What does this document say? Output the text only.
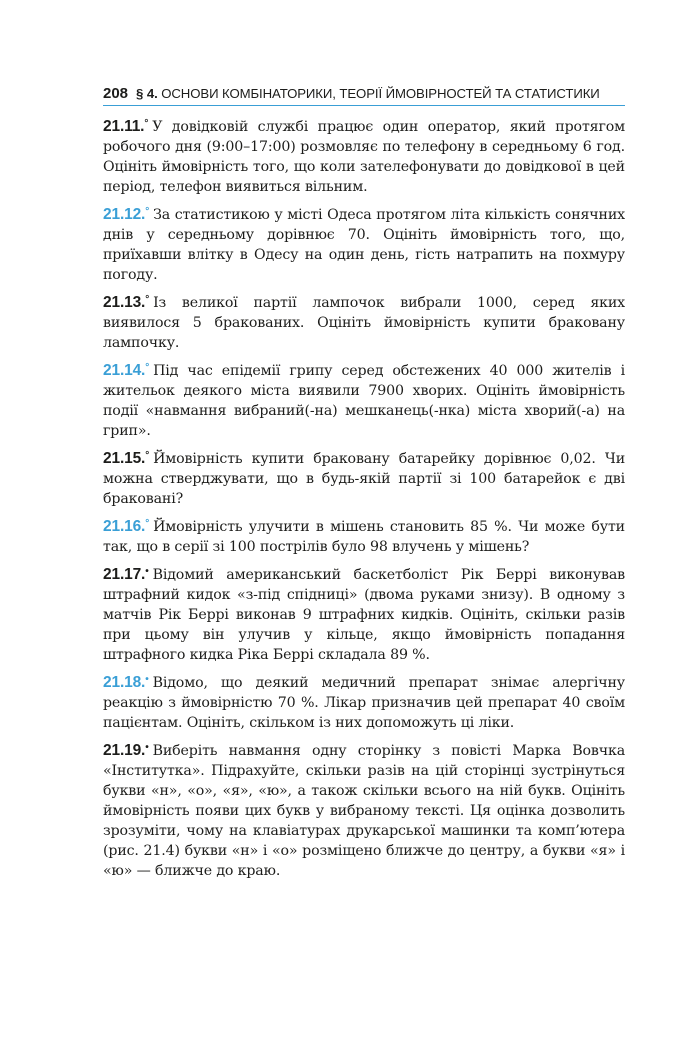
208 § 4. ОСНОВИ КОМБІНАТОРИКИ, ТЕОРІЇ ЙМОВІРНОСТЕЙ ТА СТАТИСТИКИ

21.11.° У довідковій службі працює один оператор, який протягом робочого дня (9:00–17:00) розмовляє по телефону в середньому 6 год. Оцініть ймовірність того, що коли зателефонувати до довідкової в цей період, телефон виявиться вільним.

21.12.° За статистикою у місті Одеса протягом літа кількість сонячних днів у середньому дорівнює 70. Оцініть ймовірність того, що, приїхавши влітку в Одесу на один день, гість натрапить на похмуру погоду.

21.13.° Із великої партії лампочок вибрали 1000, серед яких виявилося 5 бракованих. Оцініть ймовірність купити браковану лампочку.

21.14.° Під час епідемії грипу серед обстежених 40 000 жителів і жительок деякого міста виявили 7900 хворих. Оцініть ймовірність події «навмання вибраний(-на) мешканець(-нка) міста хворий(-а) на грип».

21.15.° Ймовірність купити браковану батарейку дорівнює 0,02. Чи можна стверджувати, що в будь-якій партії зі 100 батарейок є дві браковані?

21.16.° Ймовірність улучити в мішень становить 85 %. Чи може бути так, що в серії зі 100 пострілів було 98 влучень у мішень?

21.17.• Відомий американський баскетболіст Рік Беррі виконував штрафний кидок «з-під спідниці» (двома руками знизу). В одному з матчів Рік Беррі виконав 9 штрафних кидків. Оцініть, скільки разів при цьому він улучив у кільце, якщо ймовірність попадання штрафного кидка Ріка Беррі складала 89 %.

21.18.• Відомо, що деякий медичний препарат знімає алергічну реакцію з ймовірністю 70 %. Лікар призначив цей препарат 40 своїм пацієнтам. Оцініть, скільком із них допоможуть ці ліки.

21.19.• Виберіть навмання одну сторінку з повісті Марка Вовчка «Інститутка». Підрахуйте, скільки разів на цій сторінці зустрінуться букви «н», «о», «я», «ю», а також скільки всього на ній букв. Оцініть ймовірність появи цих букв у вибраному тексті. Ця оцінка дозволить зрозуміти, чому на клавіатурах друкарської машинки та комп’ютера (рис. 21.4) букви «н» і «о» розміщено ближче до центру, а букви «я» і «ю» — ближче до краю.
